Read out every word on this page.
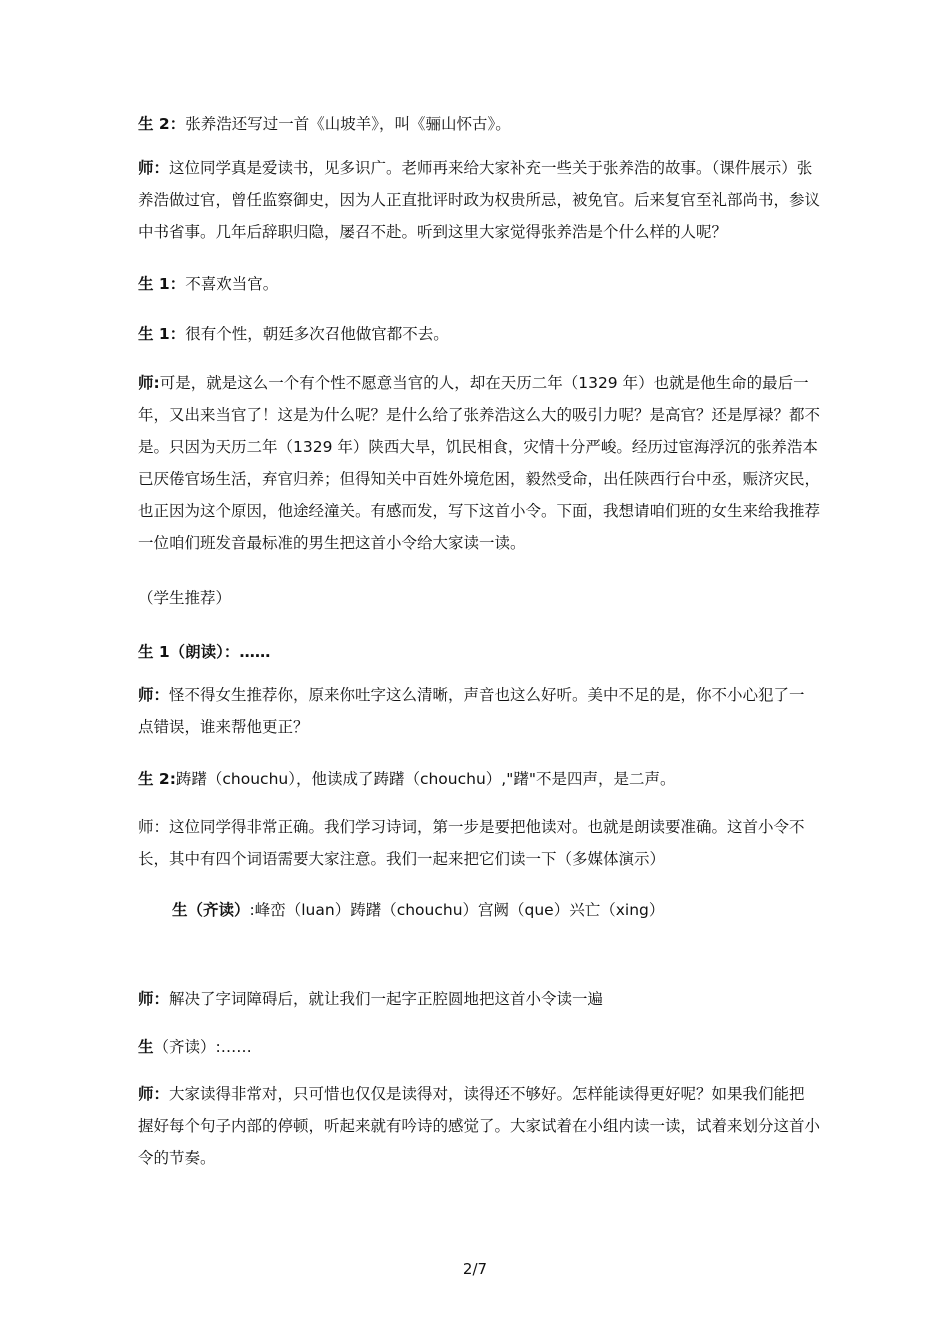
生 2：张养浩还写过一首《山坡羊》，叫《骊山怀古》。

师：这位同学真是爱读书，见多识广。老师再来给大家补充一些关于张养浩的故事。（课件展示）张养浩做过官，曾任监察御史，因为人正直批评时政为权贵所忌，被免官。后来复官至礼部尚书，参议中书省事。几年后辞职归隐，屡召不赴。听到这里大家觉得张养浩是个什么样的人呢？

生 1：不喜欢当官。

生 1：很有个性，朝廷多次召他做官都不去。

师:可是，就是这么一个有个性不愿意当官的人，却在天历二年（1329 年）也就是他生命的最后一年，又出来当官了！这是为什么呢？是什么给了张养浩这么大的吸引力呢？是高官？还是厚禄？都不是。只因为天历二年（1329 年）陕西大旱，饥民相食，灾情十分严峻。经历过宦海浮沉的张养浩本已厌倦官场生活，弃官归养；但得知关中百姓外境危困，毅然受命，出任陕西行台中丞，赈济灾民，也正因为这个原因，他途经潼关。有感而发，写下这首小令。下面，我想请咱们班的女生来给我推荐一位咱们班发音最标准的男生把这首小令给大家读一读。

（学生推荐）

生 1（朗读）：……

师：怪不得女生推荐你，原来你吐字这么清晰，声音也这么好听。美中不足的是，你不小心犯了一点错误，谁来帮他更正？

生 2:踌躇（chouchu），他读成了踌躇（chouchu）,"躇"不是四声，是二声。

师：这位同学得非常正确。我们学习诗词，第一步是要把他读对。也就是朗读要准确。这首小令不长，其中有四个词语需要大家注意。我们一起来把它们读一下（多媒体演示）

生（齐读）:峰峦（luan）踌躇（chouchu）宫阙（que）兴亡（xing）

师：解决了字词障碍后，就让我们一起字正腔圆地把这首小令读一遍

生（齐读）:……

师：大家读得非常对，只可惜也仅仅是读得对，读得还不够好。怎样能读得更好呢？如果我们能把握好每个句子内部的停顿，听起来就有吟诗的感觉了。大家试着在小组内读一读，试着来划分这首小令的节奏。

2/7
